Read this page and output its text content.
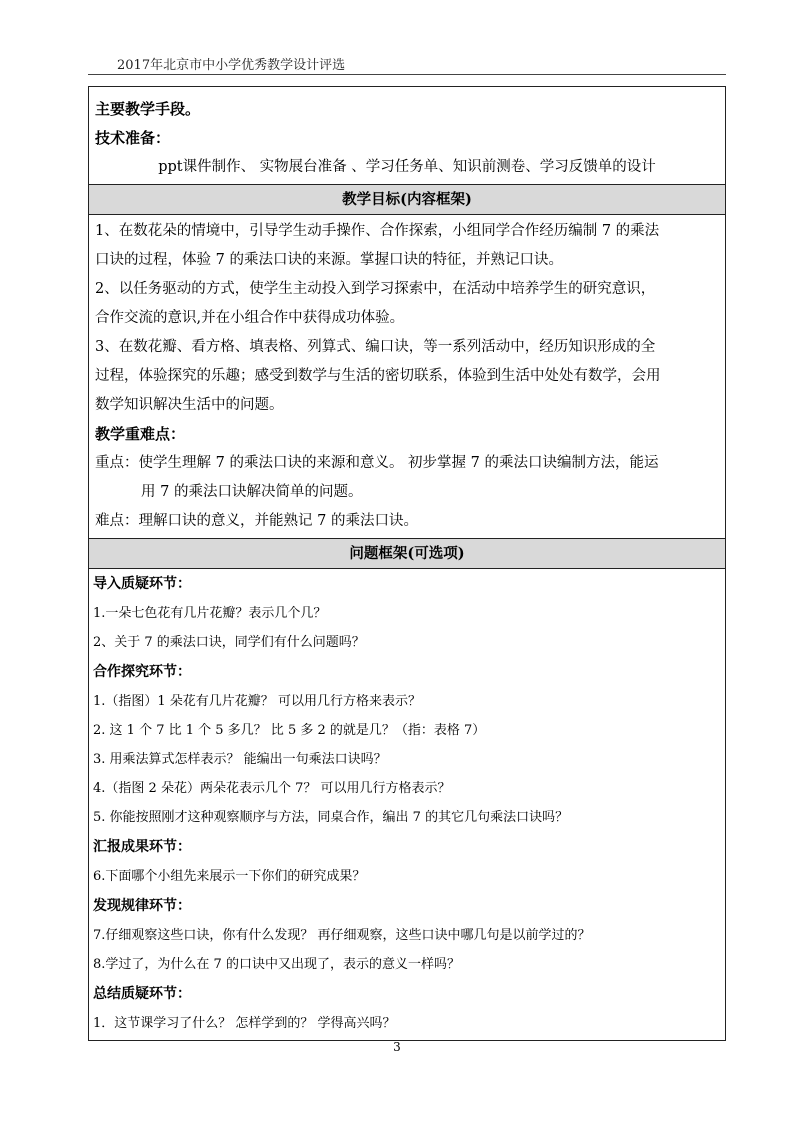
2017年北京市中小学优秀教学设计评选
主要教学手段。
技术准备：
ppt课件制作、 实物展台准备 、学习任务单、知识前测卷、学习反馈单的设计
教学目标(内容框架)
1、在数花朵的情境中，引导学生动手操作、合作探索，小组同学合作经历编制 7 的乘法
口诀的过程，体验 7 的乘法口诀的来源。掌握口诀的特征，并熟记口诀。
2、以任务驱动的方式，使学生主动投入到学习探索中，在活动中培养学生的研究意识，
合作交流的意识,并在小组合作中获得成功体验。
3、在数花瓣、看方格、填表格、列算式、编口诀，等一系列活动中，经历知识形成的全
过程，体验探究的乐趣；感受到数学与生活的密切联系，体验到生活中处处有数学，会用
数学知识解决生活中的问题。
教学重难点：
重点：使学生理解 7 的乘法口诀的来源和意义。 初步掌握 7 的乘法口诀编制方法，能运
用 7 的乘法口诀解决简单的问题。
难点：理解口诀的意义，并能熟记 7 的乘法口诀。
问题框架(可选项)
导入质疑环节：
1.一朵七色花有几片花瓣？表示几个几？
2、关于 7 的乘法口诀，同学们有什么问题吗？
合作探究环节：
1.（指图）1 朵花有几片花瓣？ 可以用几行方格来表示？
2. 这 1 个 7 比 1 个 5 多几？ 比 5 多 2 的就是几？（指：表格 7）
3. 用乘法算式怎样表示？ 能编出一句乘法口诀吗？
4.（指图 2 朵花）两朵花表示几个 7？ 可以用几行方格表示？
5. 你能按照刚才这种观察顺序与方法，同桌合作，编出 7 的其它几句乘法口诀吗？
汇报成果环节：
6.下面哪个小组先来展示一下你们的研究成果？
发现规律环节：
7.仔细观察这些口诀，你有什么发现？ 再仔细观察，这些口诀中哪几句是以前学过的？
8.学过了，为什么在 7 的口诀中又出现了，表示的意义一样吗？
总结质疑环节：
1．这节课学习了什么？ 怎样学到的？ 学得高兴吗？
3
